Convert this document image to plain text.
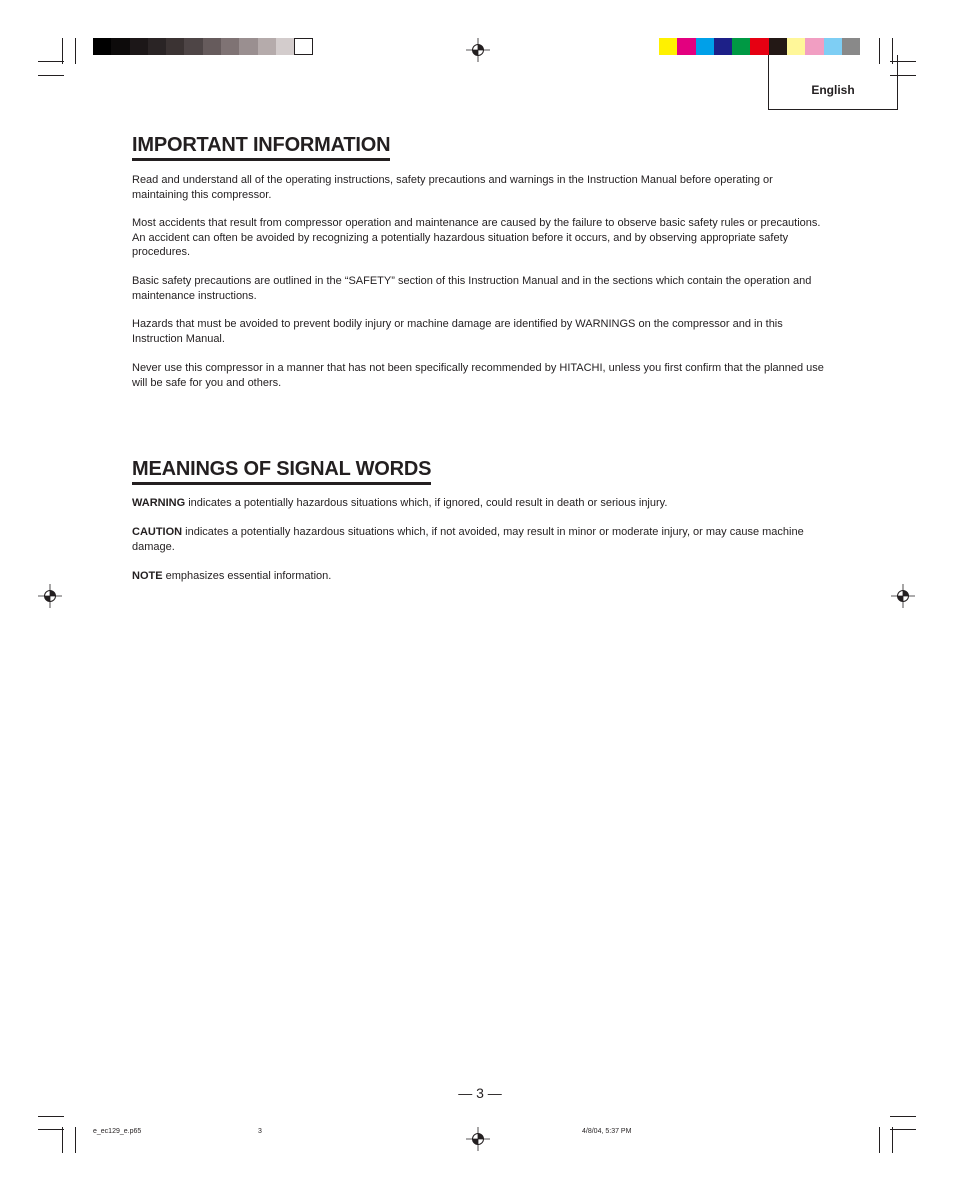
English
IMPORTANT INFORMATION

Read and understand all of the operating instructions, safety precautions and warnings in the Instruction Manual before operating or maintaining this compressor.

Most accidents that result from compressor operation and maintenance are caused by the failure to observe basic safety rules or precautions. An accident can often be avoided by recognizing a potentially hazardous situation before it occurs, and by observing appropriate safety procedures.

Basic safety precautions are outlined in the “SAFETY” section of this Instruction Manual and in the sections which contain the operation and maintenance instructions.

Hazards that must be avoided to prevent bodily injury or machine damage are identified by WARNINGS on the compressor and in this Instruction Manual.

Never use this compressor in a manner that has not been specifically recommended by HITACHI, unless you first confirm that the planned use will be safe for you and others.

MEANINGS OF SIGNAL WORDS

WARNING indicates a potentially hazardous situations which, if ignored, could result in death or serious injury.

CAUTION indicates a potentially hazardous situations which, if not avoided, may result in minor or moderate injury, or may cause machine damage.

NOTE emphasizes essential information.

— 3 —
e_ec129_e.p65	3	4/8/04, 5:37 PM
